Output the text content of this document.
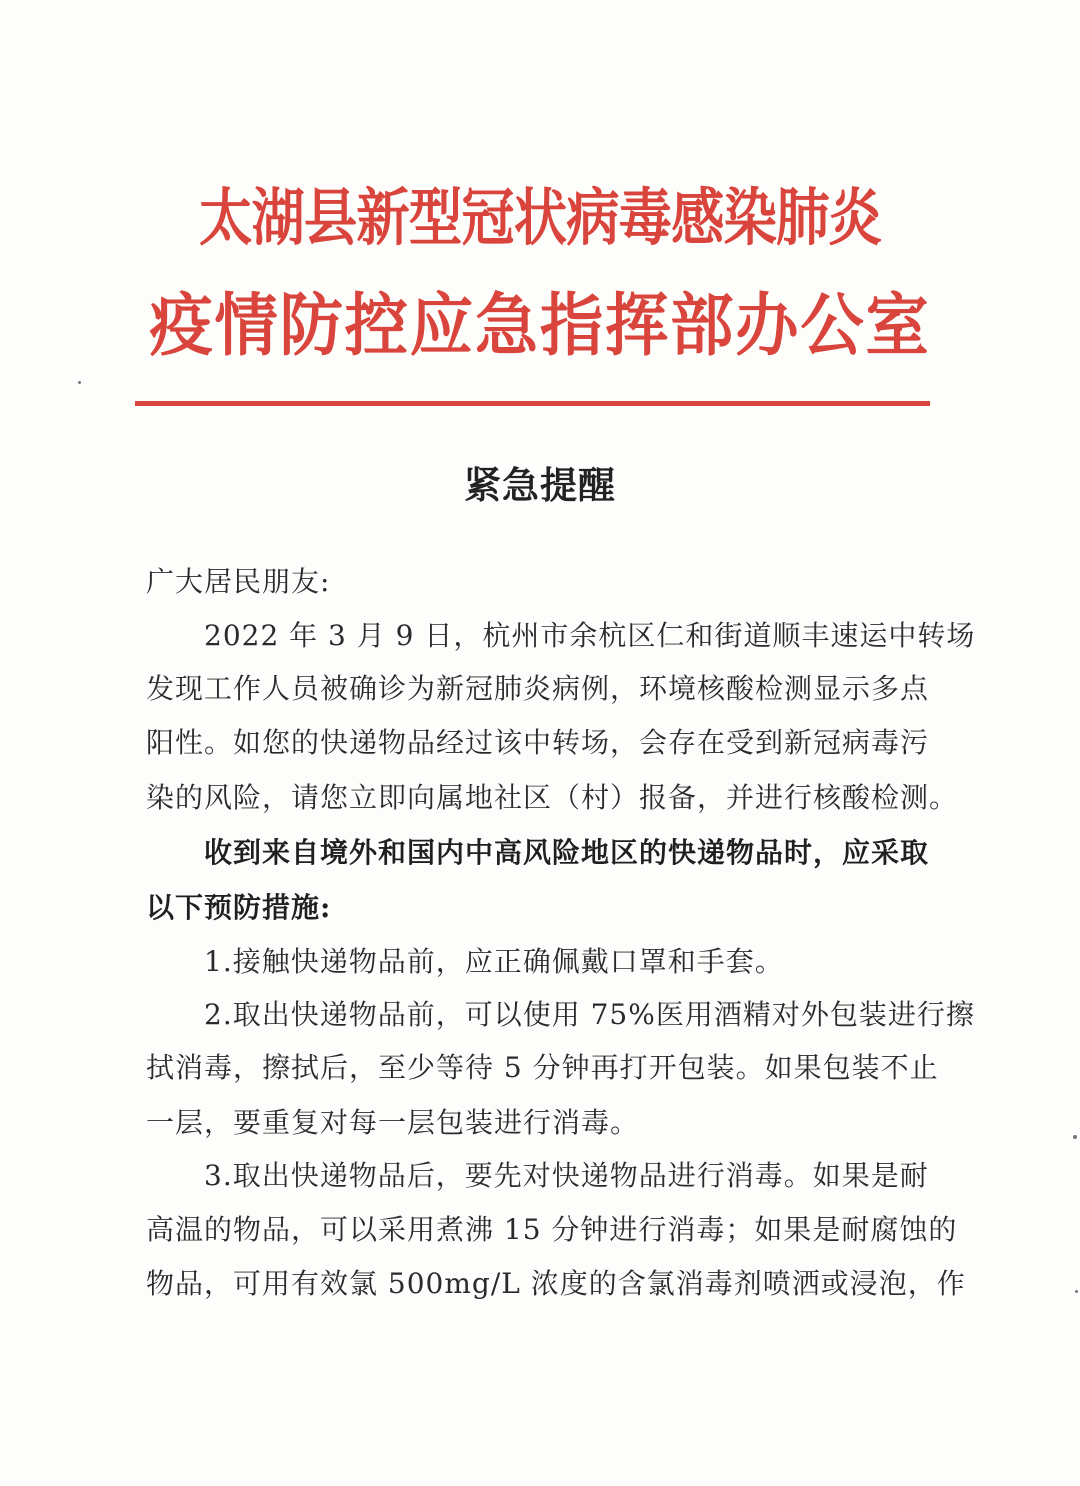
太湖县新型冠状病毒感染肺炎
疫情防控应急指挥部办公室
紧急提醒
广大居民朋友:
　　2022 年 3 月 9 日，杭州市余杭区仁和街道顺丰速运中转场
发现工作人员被确诊为新冠肺炎病例，环境核酸检测显示多点
阳性。如您的快递物品经过该中转场，会存在受到新冠病毒污
染的风险，请您立即向属地社区（村）报备，并进行核酸检测。
　　收到来自境外和国内中高风险地区的快递物品时，应采取
以下预防措施:
　　1.接触快递物品前，应正确佩戴口罩和手套。
　　2.取出快递物品前，可以使用 75%医用酒精对外包装进行擦
拭消毒，擦拭后，至少等待 5 分钟再打开包装。如果包装不止
一层，要重复对每一层包装进行消毒。
　　3.取出快递物品后，要先对快递物品进行消毒。如果是耐
高温的物品，可以采用煮沸 15 分钟进行消毒；如果是耐腐蚀的
物品，可用有效氯 500mg/L 浓度的含氯消毒剂喷洒或浸泡，作
